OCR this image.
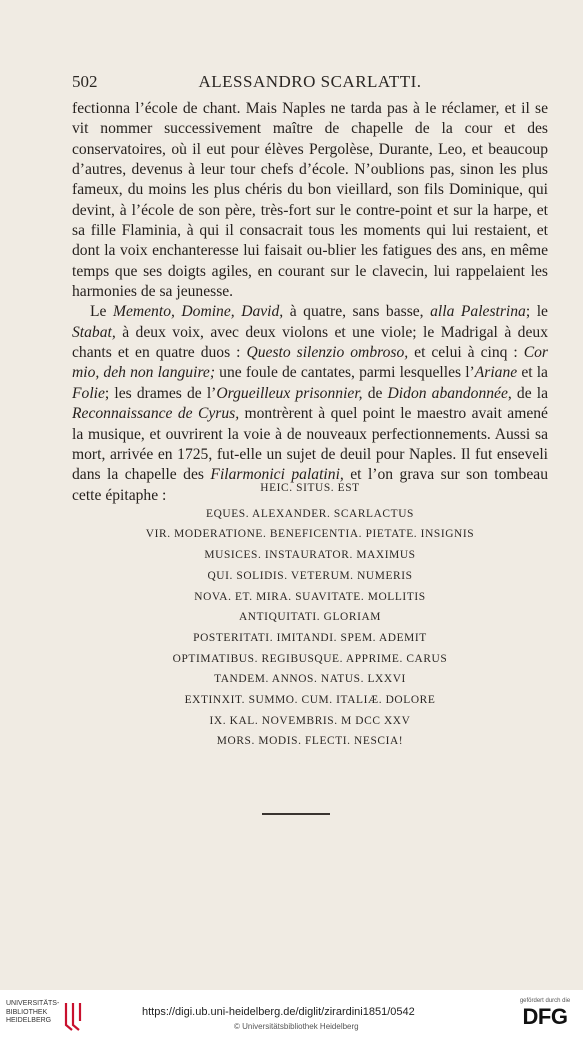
502	ALESSANDRO SCARLATTI.

fectionna l’école de chant. Mais Naples ne tarda pas à le réclamer, et il se vit nommer successivement maître de chapelle de la cour et des conservatoires, où il eut pour élèves Pergolèse, Durante, Leo, et beaucoup d’autres, devenus à leur tour chefs d’école. N’oublions pas, sinon les plus fameux, du moins les plus chéris du bon vieillard, son fils Dominique, qui devint, à l’école de son père, très-fort sur le contre-point et sur la harpe, et sa fille Flaminia, à qui il consacrait tous les moments qui lui restaient, et dont la voix enchanteresse lui faisait ou-blier les fatigues des ans, en même temps que ses doigts agiles, en courant sur le clavecin, lui rappelaient les harmonies de sa jeunesse.

Le Memento, Domine, David, à quatre, sans basse, alla Palestrina; le Stabat, à deux voix, avec deux violons et une viole; le Madrigal à deux chants et en quatre duos : Questo silenzio ombroso, et celui à cinq : Cor mio, deh non languire; une foule de cantates, parmi lesquelles l’Ariane et la Folie; les drames de l’Orgueilleux prisonnier, de Didon abandonnée, de la Reconnaissance de Cyrus, montrèrent à quel point le maestro avait amené la musique, et ouvrirent la voie à de nouveaux perfectionnements. Aussi sa mort, arrivée en 1725, fut-elle un sujet de deuil pour Naples. Il fut enseveli dans la chapelle des Filarmonici palatini, et l’on grava sur son tombeau cette épitaphe :	HEIC. SITUS. EST
EQUES. ALEXANDER. SCARLACTUS
VIR. MODERATIONE. BENEFICENTIA. PIETATE. INSIGNIS
MUSICES. INSTAURATOR. MAXIMUS
QUI. SOLIDIS. VETERUM. NUMERIS
NOVA. ET. MIRA. SUAVITATE. MOLLITIS
ANTIQUITATI. GLORIAM
POSTERITATI. IMITANDI. SPEM. ADEMIT
OPTIMATIBUS. REGIBUSQUE. APPRIME. CARUS
TANDEM. ANNOS. NATUS. LXXVI
EXTINXIT. SUMMO. CUM. ITALIÆ. DOLORE
IX. KAL. NOVEMBRIS. M DCC XXV
MORS. MODIS. FLECTI. NESCIA!
UNIVERSITÄTS-
BIBLIOTHEK
HEIDELBERG
https://digi.ub.uni-heidelberg.de/diglit/zirardini1851/0542
© Universitätsbibliothek Heidelberg
gefördert durch die
DFG
